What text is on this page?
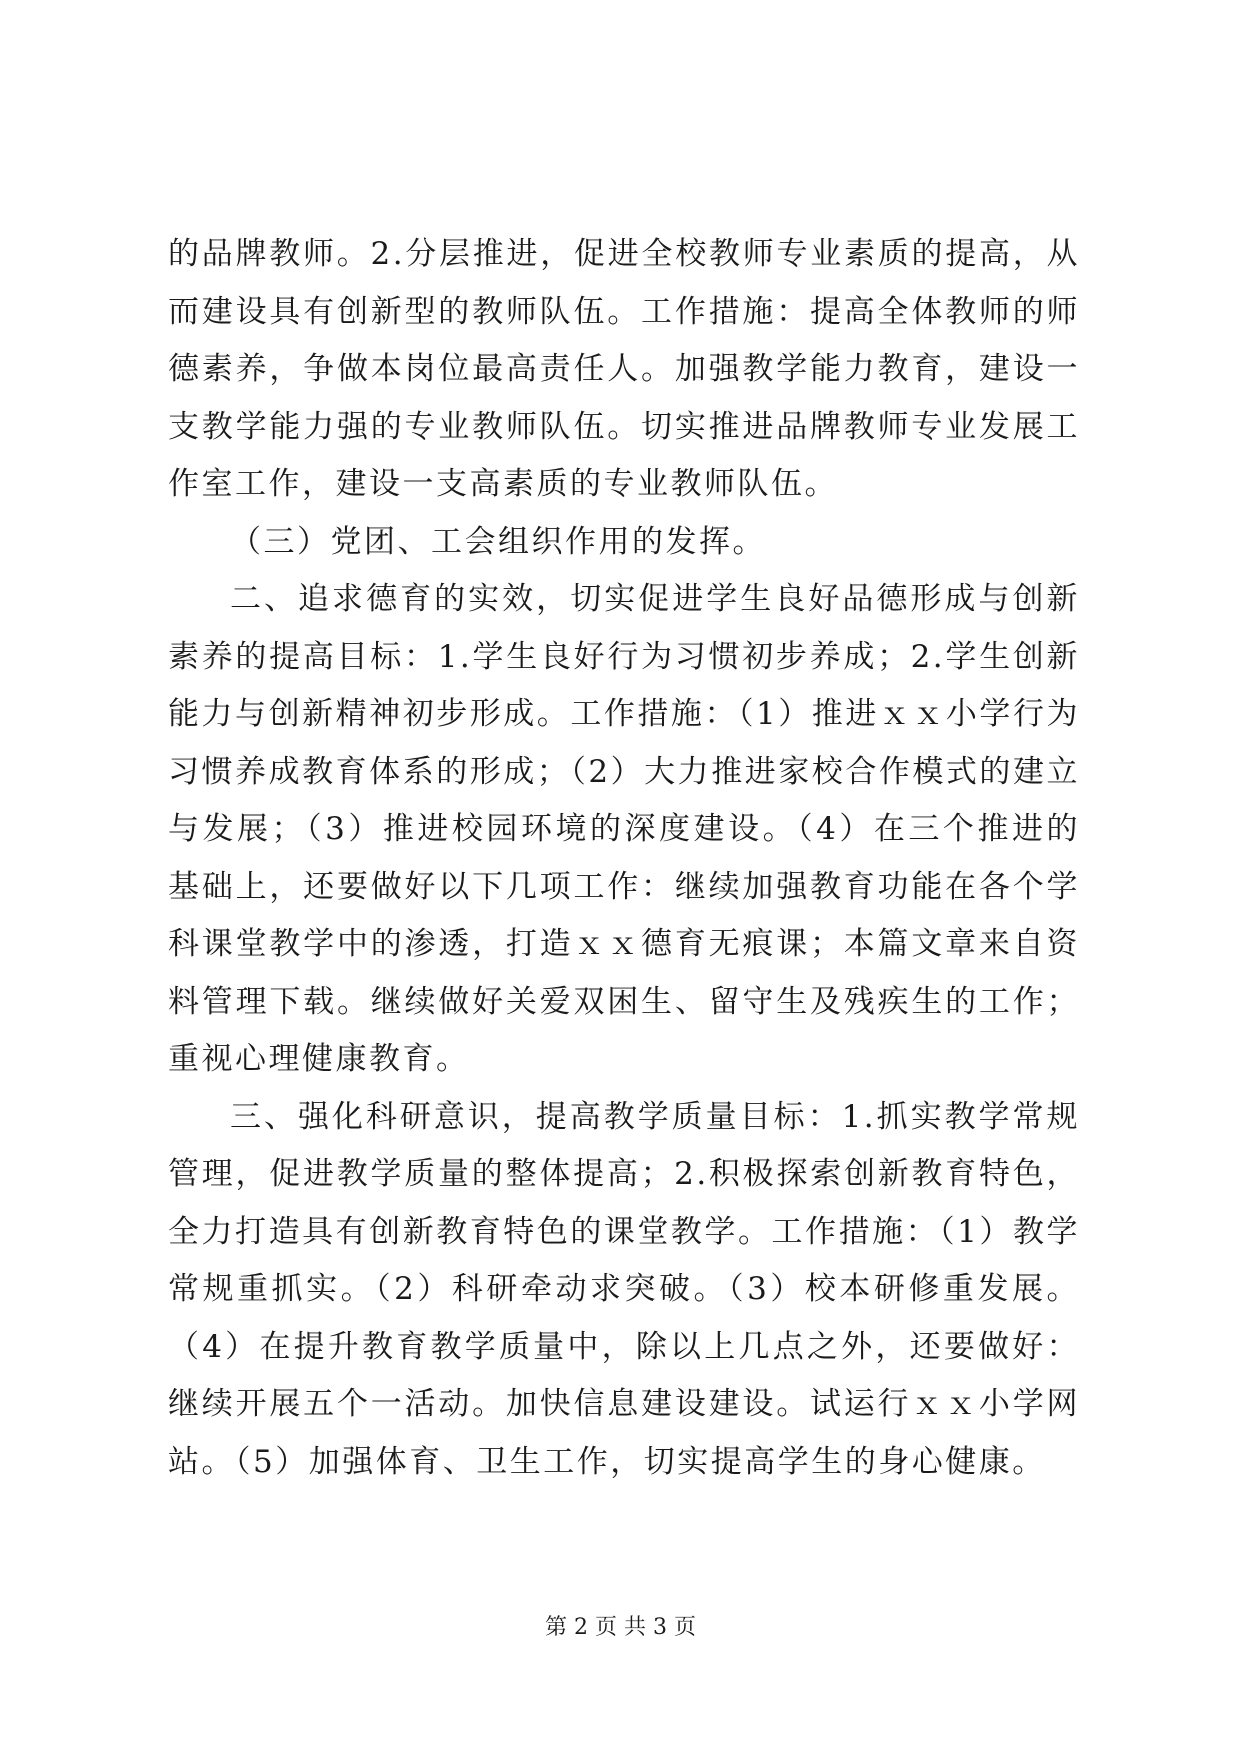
的品牌教师。2.分层推进，促进全校教师专业素质的提高，从而建设具有创新型的教师队伍。工作措施：提高全体教师的师德素养，争做本岗位最高责任人。加强教学能力教育，建设一支教学能力强的专业教师队伍。切实推进品牌教师专业发展工作室工作，建设一支高素质的专业教师队伍。

（三）党团、工会组织作用的发挥。

二、追求德育的实效，切实促进学生良好品德形成与创新素养的提高目标：1.学生良好行为习惯初步养成；2.学生创新能力与创新精神初步形成。工作措施：（1）推进ｘｘ小学行为习惯养成教育体系的形成；（2）大力推进家校合作模式的建立与发展；（3）推进校园环境的深度建设。（4）在三个推进的基础上，还要做好以下几项工作：继续加强教育功能在各个学科课堂教学中的渗透，打造ｘｘ德育无痕课；本篇文章来自资料管理下载。继续做好关爱双困生、留守生及残疾生的工作；重视心理健康教育。

三、强化科研意识，提高教学质量目标：1.抓实教学常规管理，促进教学质量的整体提高；2.积极探索创新教育特色，全力打造具有创新教育特色的课堂教学。工作措施：（1）教学常规重抓实。（2）科研牵动求突破。（3）校本研修重发展。（4）在提升教育教学质量中，除以上几点之外，还要做好：继续开展五个一活动。加快信息建设建设。试运行ｘｘ小学网站。（5）加强体育、卫生工作，切实提高学生的身心健康。

第 2 页 共 3 页
